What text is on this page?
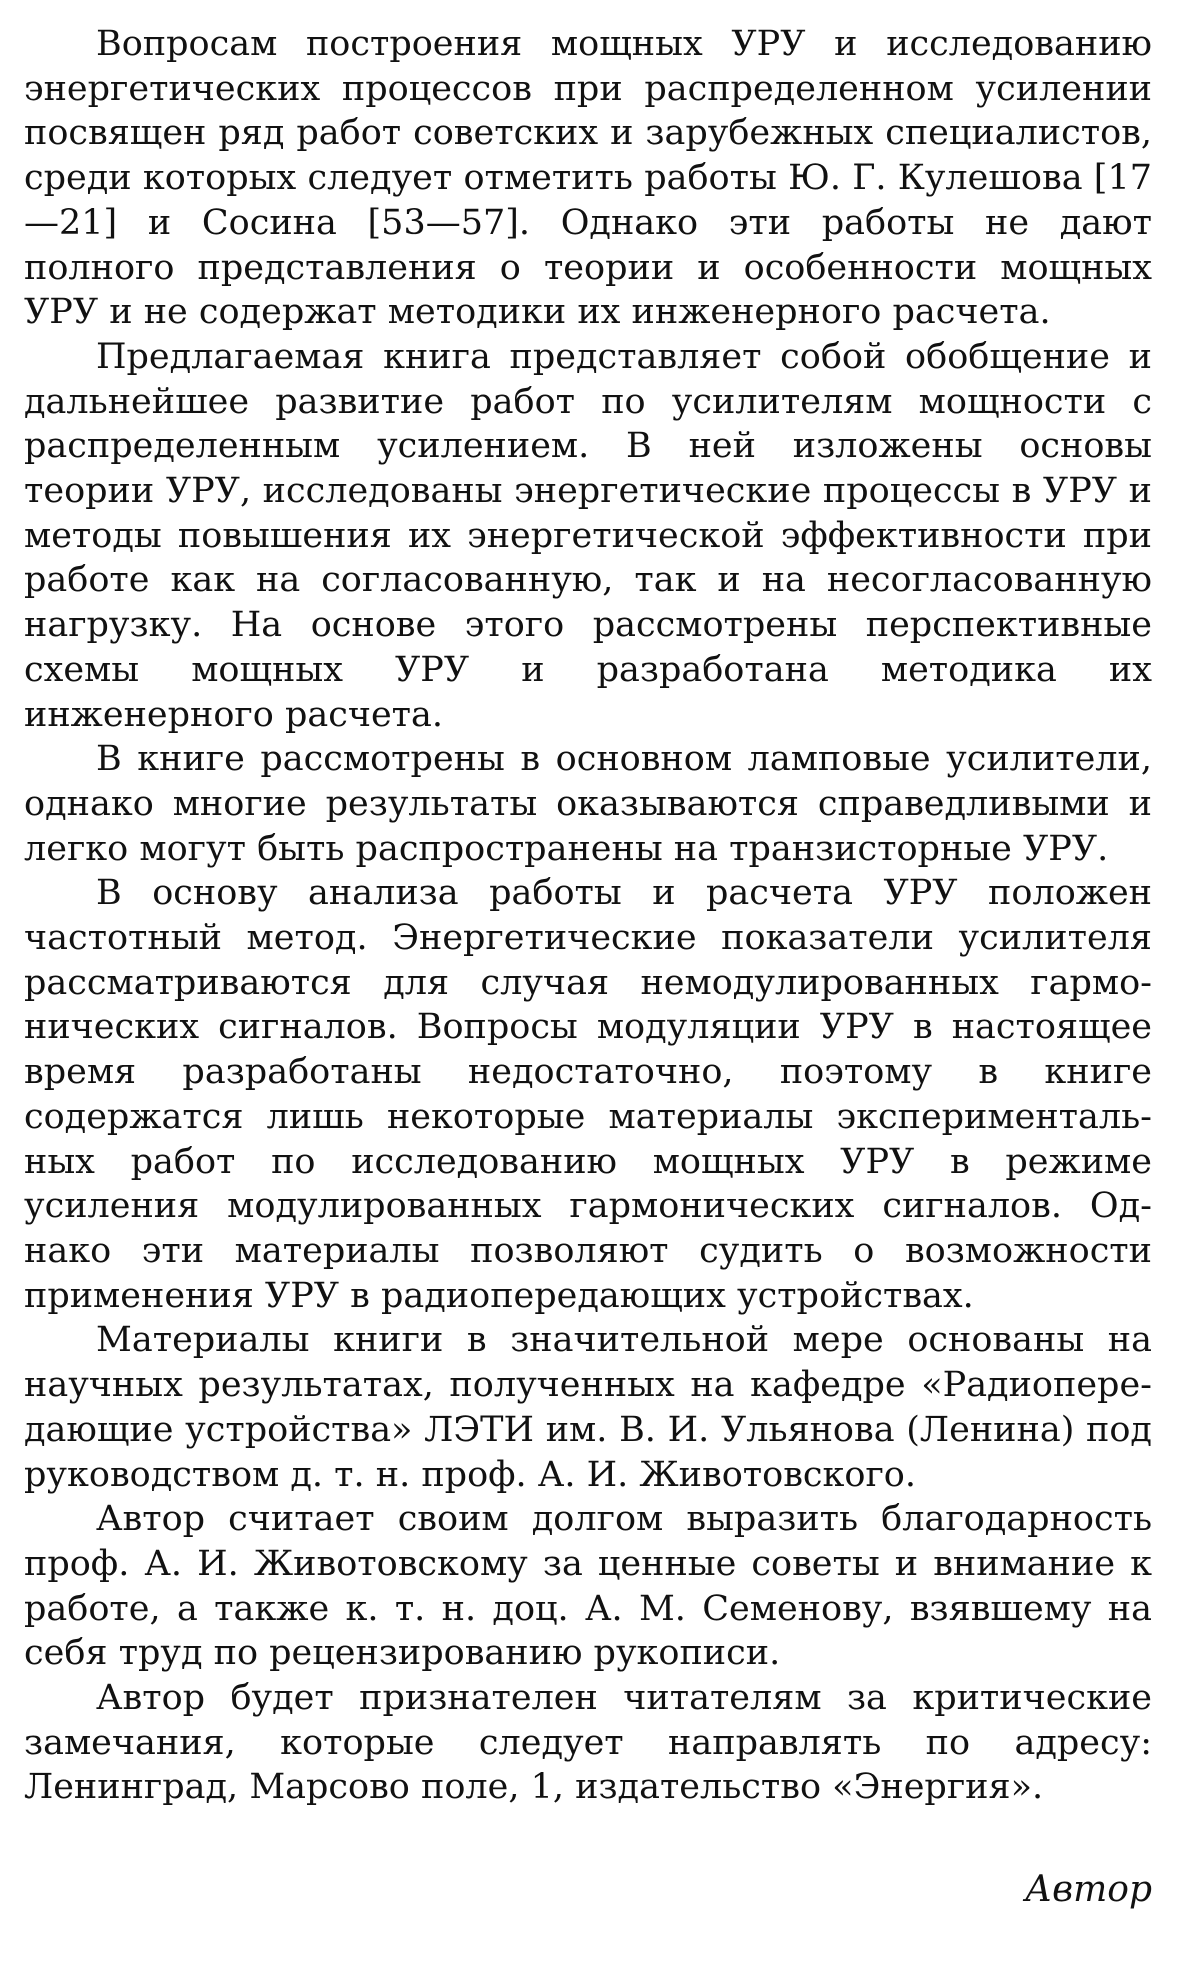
Вопросам построения мощных УРУ и исследованию энергетических процессов при распределенном усилении посвящен ряд работ советских и зарубежных специалистов, среди которых следует отметить работы Ю. Г. Кулешова [17—21] и Сосина [53—57]. Однако эти работы не дают полного представления о теории и особенности мощных УРУ и не содержат методики их инженерного расчета.

Предлагаемая книга представляет собой обобщение и дальнейшее развитие работ по усилителям мощности с распределенным усилением. В ней изложены основы теории УРУ, исследованы энергетические процессы в УРУ и методы повышения их энергетической эффективности при работе как на согласованную, так и на несогласованную нагрузку. На основе этого рассмотрены перспективные схемы мощных УРУ и разработана методика их инженерного расчета.

В книге рассмотрены в основном ламповые усилители, однако многие результаты оказываются справедливыми и легко могут быть распространены на транзисторные УРУ.

В основу анализа работы и расчета УРУ положен частотный метод. Энергетические показатели усилителя рассматриваются для случая немодулированных гармонических сигналов. Вопросы модуляции УРУ в настоящее время разработаны недостаточно, поэтому в книге содержатся лишь некоторые материалы экспериментальных работ по исследованию мощных УРУ в режиме усиления модулированных гармонических сигналов. Однако эти материалы позволяют судить о возможности применения УРУ в радиопередающих устройствах.

Материалы книги в значительной мере основаны на научных результатах, полученных на кафедре «Радиопередающие устройства» ЛЭТИ им. В. И. Ульянова (Ленина) под руководством д. т. н. проф. А. И. Животовского.

Автор считает своим долгом выразить благодарность проф. А. И. Животовскому за ценные советы и внимание к работе, а также к. т. н. доц. А. М. Семенову, взявшему на себя труд по рецензированию рукописи.

Автор будет признателен читателям за критические замечания, которые следует направлять по адресу: Ленинград, Марсово поле, 1, издательство «Энергия».

Автор
